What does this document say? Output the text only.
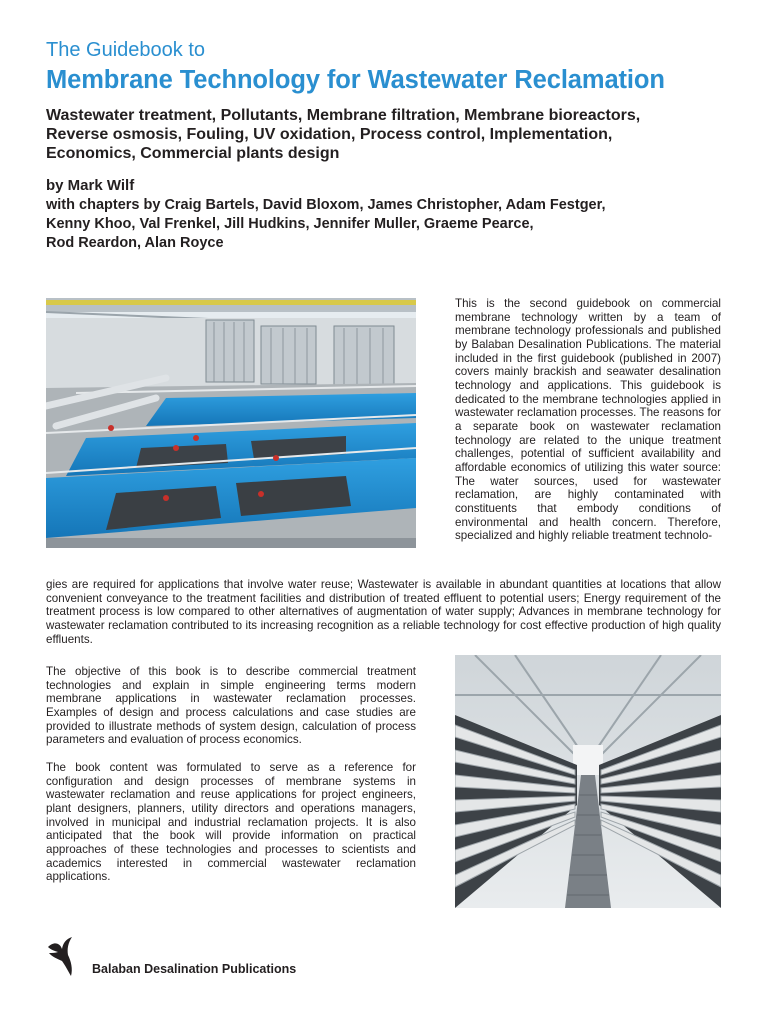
The Guidebook to
Membrane Technology for Wastewater Reclamation
Wastewater treatment, Pollutants, Membrane filtration, Membrane bioreactors,
Reverse osmosis, Fouling, UV oxidation, Process control, Implementation,
Economics, Commercial plants design
by Mark Wilf
with chapters by Craig Bartels, David Bloxom, James Christopher, Adam Festger,
Kenny Khoo, Val Frenkel, Jill Hudkins, Jennifer Muller, Graeme Pearce,
Rod Reardon, Alan Royce
This is the second guidebook on commercial membrane technology written by a team of membrane technology professionals and published by Balaban Desalination Publications. The material included in the first guidebook (published in 2007) covers mainly brackish and seawater desalination technology and applications. This guidebook is dedicated to the membrane technologies applied in wastewater reclamation processes. The reasons for a separate book on wastewater reclamation technology are related to the unique treatment challenges, potential of sufficient availability and affordable economics of utilizing this water source: The water sources, used for wastewater reclamation, are highly contaminated with constituents that embody conditions of environmental and health concern. Therefore, specialized and highly reliable treatment technolo-
gies are required for applications that involve water reuse; Wastewater is available in abundant quantities at locations that allow convenient conveyance to the treatment facilities and distribution of treated effluent to potential users; Energy requirement of the treatment process is low compared to other alternatives of augmentation of water supply; Advances in membrane technology for wastewater reclamation contributed to its increasing recognition as a reliable technology for cost effective production of high quality effluents.
The objective of this book is to describe commercial treatment technologies and explain in simple engineering terms modern membrane applications in wastewater reclamation processes. Examples of design and process calculations and case studies are provided to illustrate methods of system design, calculation of process parameters and evaluation of process economics.
The book content was formulated to serve as a reference for configuration and design processes of membrane systems in wastewater reclamation and reuse applications for project engineers, plant designers, planners, utility directors and operations managers, involved in municipal and industrial reclamation projects. It is also anticipated that the book will provide information on practical approaches of these technologies and processes to scientists and academics interested in commercial wastewater reclamation applications.
Balaban Desalination Publications
